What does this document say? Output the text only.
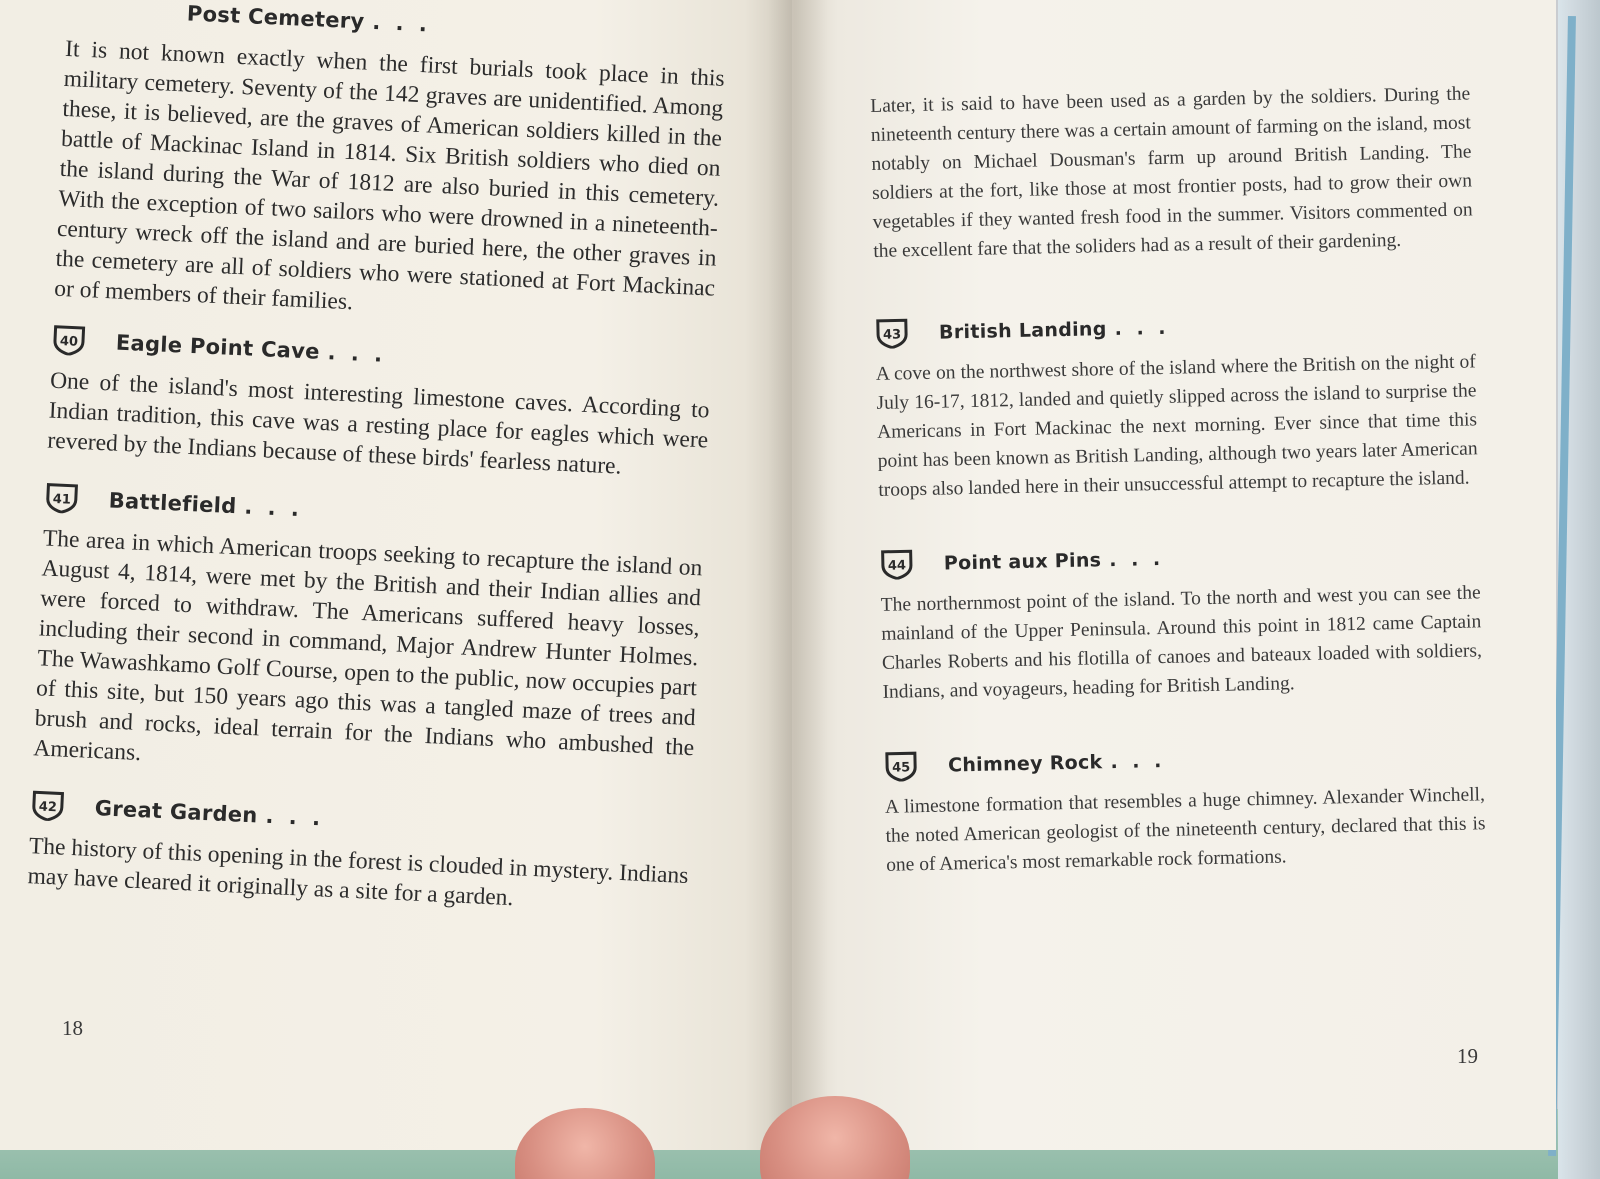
Post Cemetery . . .

It is not known exactly when the first burials took place in this military cemetery. Seventy of the 142 graves are unidentified. Among these, it is believed, are the graves of American soldiers killed in the battle of Mackinac Island in 1814. Six British soldiers who died on the island during the War of 1812 are also buried in this cemetery. With the exception of two sailors who were drowned in a nineteenth-century wreck off the island and are buried here, the other graves in the cemetery are all of soldiers who were stationed at Fort Mackinac or of members of their families.

40 Eagle Point Cave . . .

One of the island's most interesting limestone caves. According to Indian tradition, this cave was a resting place for eagles which were revered by the Indians because of these birds' fearless nature.

41 Battlefield . . .

The area in which American troops seeking to recapture the island on August 4, 1814, were met by the British and their Indian allies and were forced to withdraw. The Americans suffered heavy losses, including their second in command, Major Andrew Hunter Holmes. The Wawashkamo Golf Course, open to the public, now occupies part of this site, but 150 years ago this was a tangled maze of trees and brush and rocks, ideal terrain for the Indians who ambushed the Americans.

42 Great Garden . . .

The history of this opening in the forest is clouded in mystery. Indians may have cleared it originally as a site for a garden.

18

Later, it is said to have been used as a garden by the soldiers. During the nineteenth century there was a certain amount of farming on the island, most notably on Michael Dousman's farm up around British Landing. The soldiers at the fort, like those at most frontier posts, had to grow their own vegetables if they wanted fresh food in the summer. Visitors commented on the excellent fare that the soliders had as a result of their gardening.

43 British Landing . . .

A cove on the northwest shore of the island where the British on the night of July 16-17, 1812, landed and quietly slipped across the island to surprise the Americans in Fort Mackinac the next morning. Ever since that time this point has been known as British Landing, although two years later American troops also landed here in their unsuccessful attempt to recapture the island.

44 Point aux Pins . . .

The northernmost point of the island. To the north and west you can see the mainland of the Upper Peninsula. Around this point in 1812 came Captain Charles Roberts and his flotilla of canoes and bateaux loaded with soldiers, Indians, and voyageurs, heading for British Landing.

45 Chimney Rock . . .

A limestone formation that resembles a huge chimney. Alexander Winchell, the noted American geologist of the nineteenth century, declared that this is one of America's most remarkable rock formations.

19
